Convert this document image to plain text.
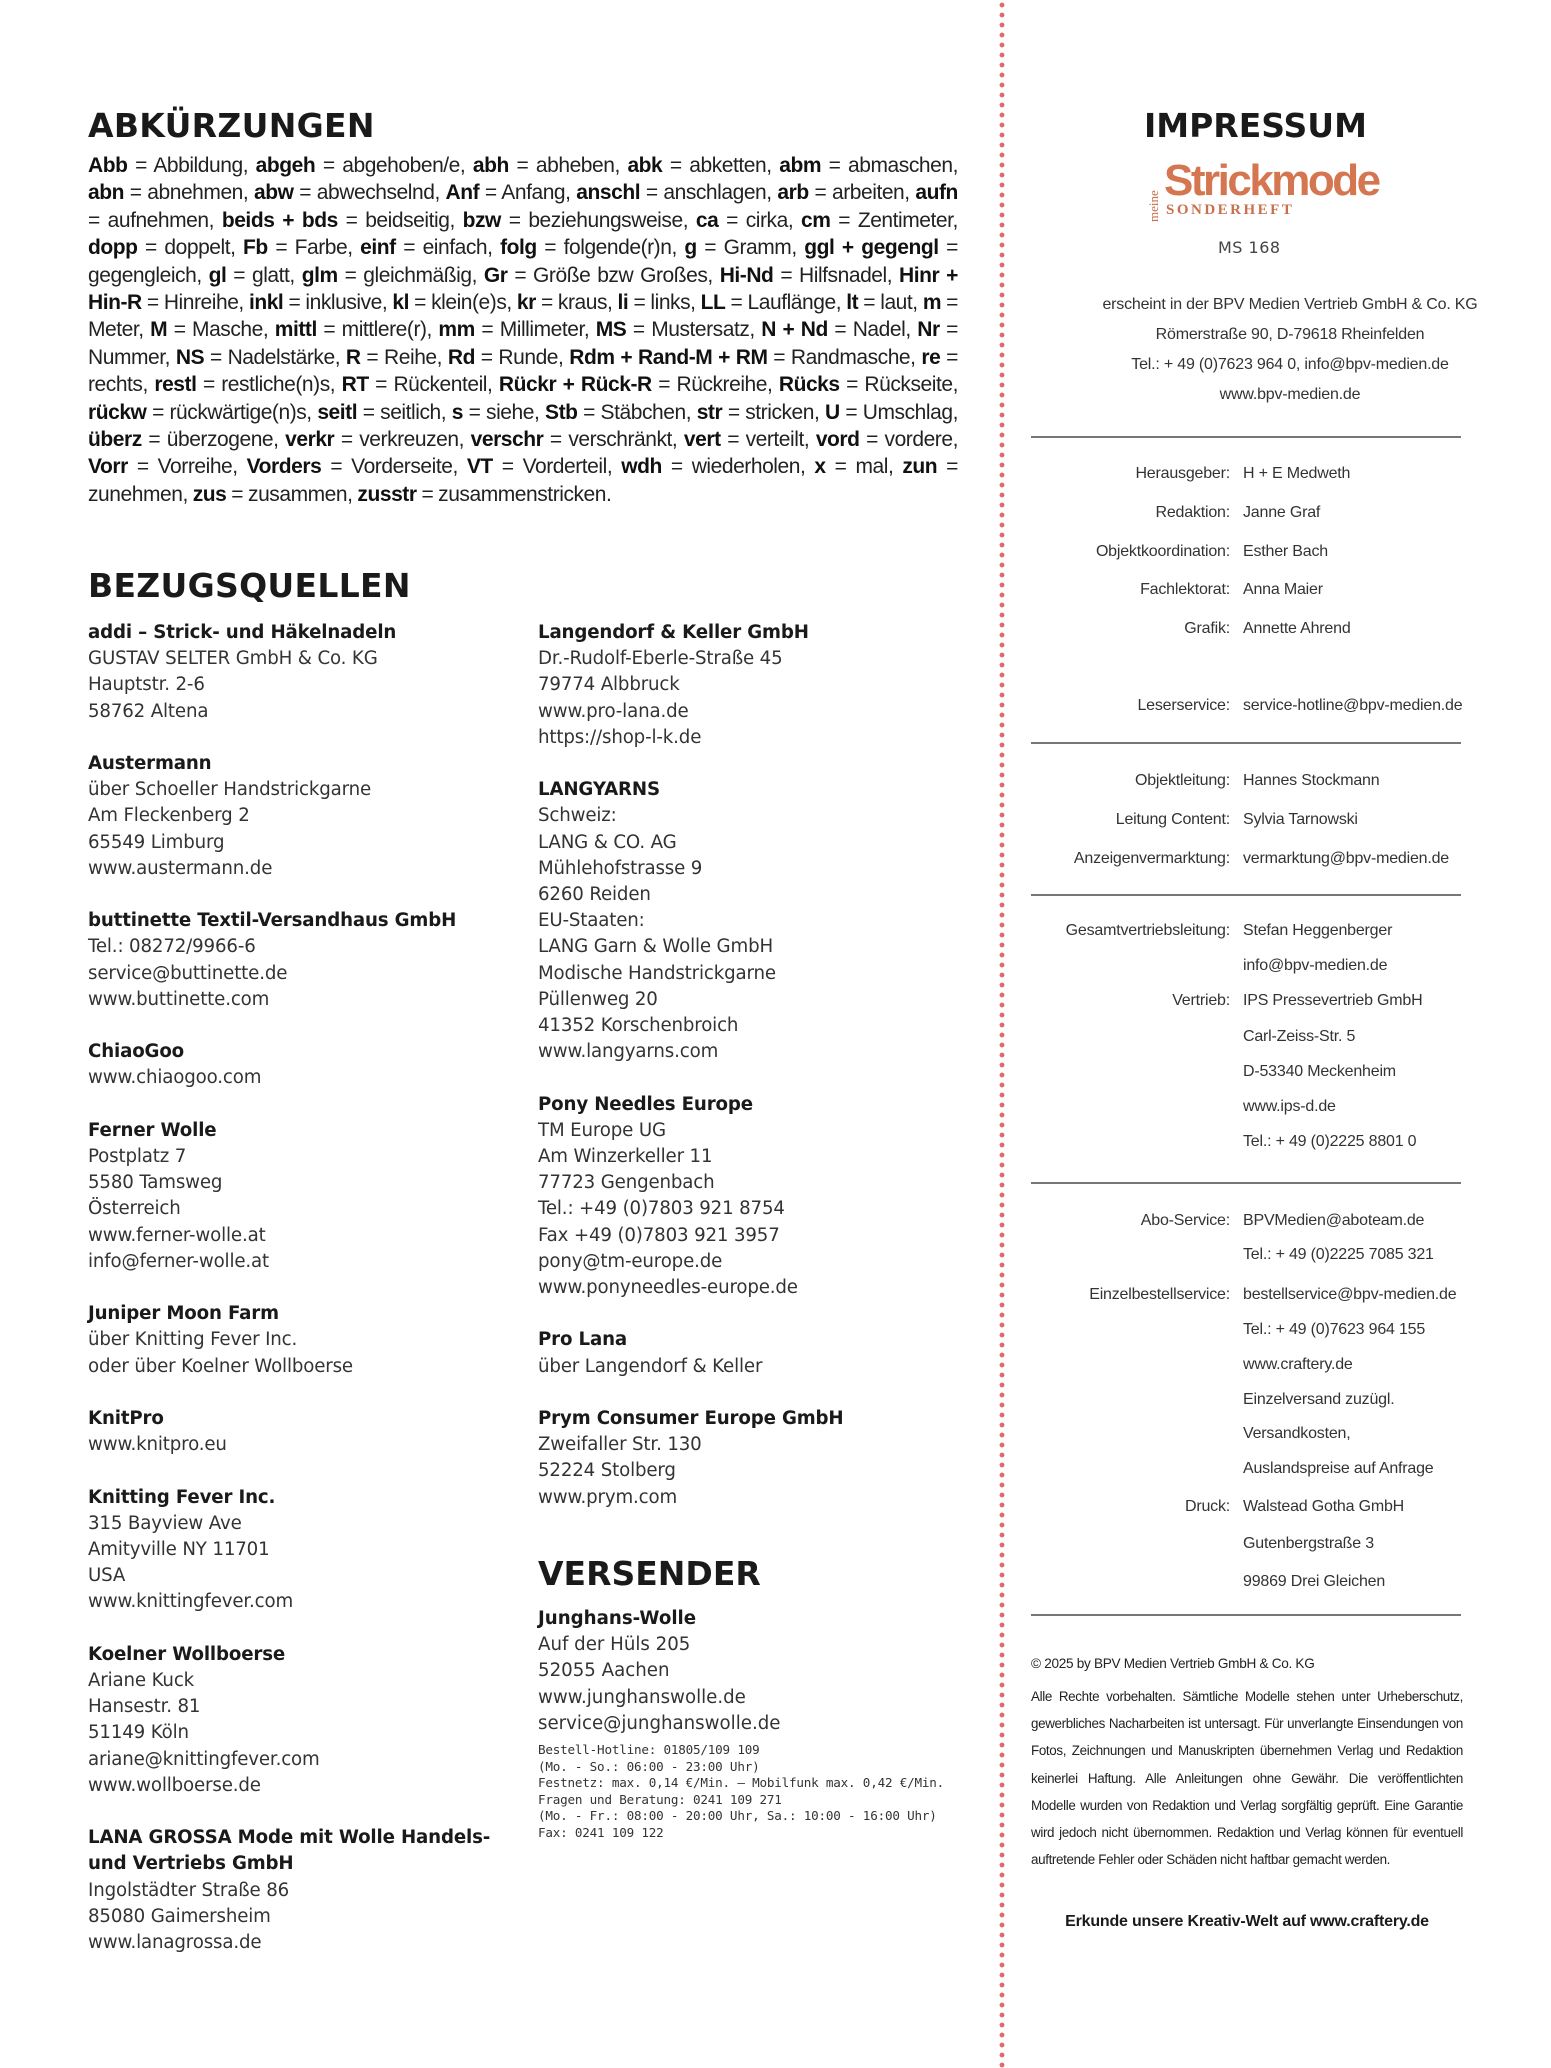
ABKÜRZUNGEN
Abb = Abbildung, abgeh = abgehoben/e, abh = abheben, abk = abketten, abm = abmaschen, abn = abnehmen, abw = abwechselnd, Anf = Anfang, anschl = anschlagen, arb = arbeiten, aufn = aufnehmen, beids + bds = beidseitig, bzw = beziehungsweise, ca = cirka, cm = Zentimeter, dopp = doppelt, Fb = Farbe, einf = einfach, folg = folgende(r)n, g = Gramm, ggl + gegengl = gegengleich, gl = glatt, glm = gleichmäßig, Gr = Größe bzw Großes, Hi-Nd = Hilfsnadel, Hinr + Hin-R = Hinreihe, inkl = inklusive, kl = klein(e)s, kr = kraus, li = links, LL = Lauflänge, lt = laut, m = Meter, M = Masche, mittl = mittlere(r), mm = Millimeter, MS = Mustersatz, N + Nd = Nadel, Nr = Nummer, NS = Nadelstärke, R = Reihe, Rd = Runde, Rdm + Rand-M + RM = Randmasche, re = rechts, restl = restliche(n)s, RT = Rückenteil, Rückr + Rück-R = Rückreihe, Rücks = Rückseite, rückw = rückwärtige(n)s, seitl = seitlich, s = siehe, Stb = Stäbchen, str = stricken, U = Umschlag, überz = überzogene, verkr = verkreuzen, verschr = verschränkt, vert = verteilt, vord = vordere, Vorr = Vorreihe, Vorders = Vorderseite, VT = Vorderteil, wdh = wiederholen, x = mal, zun = zunehmen, zus = zusammen, zusstr = zusammenstricken.
BEZUGSQUELLEN
addi – Strick- und Häkelnadeln
GUSTAV SELTER GmbH & Co. KG
Hauptstr. 2-6
58762 Altena
Austermann
über Schoeller Handstrickgarne
Am Fleckenberg 2
65549 Limburg
www.austermann.de
buttinette Textil-Versandhaus GmbH
Tel.: 08272/9966-6
service@buttinette.de
www.buttinette.com
ChiaoGoo
www.chiaogoo.com
Ferner Wolle
Postplatz 7
5580 Tamsweg
Österreich
www.ferner-wolle.at
info@ferner-wolle.at
Juniper Moon Farm
über Knitting Fever Inc.
oder über Koelner Wollboerse
KnitPro
www.knitpro.eu
Knitting Fever Inc.
315 Bayview Ave
Amityville NY 11701
USA
www.knittingfever.com
Koelner Wollboerse
Ariane Kuck
Hansestr. 81
51149 Köln
ariane@knittingfever.com
www.wollboerse.de
LANA GROSSA Mode mit Wolle Handels- und Vertriebs GmbH
Ingolstädter Straße 86
85080 Gaimersheim
www.lanagrossa.de
Langendorf & Keller GmbH
Dr.-Rudolf-Eberle-Straße 45
79774 Albbruck
www.pro-lana.de
https://shop-l-k.de
LANGYARNS
Schweiz:
LANG & CO. AG
Mühlehofstrasse 9
6260 Reiden
EU-Staaten:
LANG Garn & Wolle GmbH
Modische Handstrickgarne
Püllenweg 20
41352 Korschenbroich
www.langyarns.com
Pony Needles Europe
TM Europe UG
Am Winzerkeller 11
77723 Gengenbach
Tel.: +49 (0)7803 921 8754
Fax +49 (0)7803 921 3957
pony@tm-europe.de
www.ponyneedles-europe.de
Pro Lana
über Langendorf & Keller
Prym Consumer Europe GmbH
Zweifaller Str. 130
52224 Stolberg
www.prym.com
VERSENDER
Junghans-Wolle
Auf der Hüls 205
52055 Aachen
www.junghanswolle.de
service@junghanswolle.de
Bestell-Hotline: 01805/109 109
(Mo. - So.: 06:00 - 23:00 Uhr)
Festnetz: max. 0,14 €/Min. – Mobilfunk max. 0,42 €/Min.
Fragen und Beratung: 0241 109 271
(Mo. - Fr.: 08:00 - 20:00 Uhr, Sa.: 10:00 - 16:00 Uhr)
Fax: 0241 109 122
IMPRESSUM
meine
Strickmode
SONDERHEFT
MS 168
erscheint in der BPV Medien Vertrieb GmbH & Co. KG
Römerstraße 90, D-79618 Rheinfelden
Tel.: + 49 (0)7623 964 0, info@bpv-medien.de
www.bpv-medien.de
Herausgeber: H + E Medweth
Redaktion: Janne Graf
Objektkoordination: Esther Bach
Fachlektorat: Anna Maier
Grafik: Annette Ahrend
Leserservice: service-hotline@bpv-medien.de
Objektleitung: Hannes Stockmann
Leitung Content: Sylvia Tarnowski
Anzeigenvermarktung: vermarktung@bpv-medien.de
Gesamtvertriebsleitung: Stefan Heggenberger
info@bpv-medien.de
Vertrieb: IPS Pressevertrieb GmbH
Carl-Zeiss-Str. 5
D-53340 Meckenheim
www.ips-d.de
Tel.: + 49 (0)2225 8801 0
Abo-Service: BPVMedien@aboteam.de
Tel.: + 49 (0)2225 7085 321
Einzelbestellservice: bestellservice@bpv-medien.de
Tel.: + 49 (0)7623 964 155
www.craftery.de
Einzelversand zuzügl.
Versandkosten,
Auslandspreise auf Anfrage
Druck: Walstead Gotha GmbH
Gutenbergstraße 3
99869 Drei Gleichen
© 2025 by BPV Medien Vertrieb GmbH & Co. KG
Alle Rechte vorbehalten. Sämtliche Modelle stehen unter Urheberschutz, gewerbliches Nacharbeiten ist untersagt. Für unverlangte Einsendungen von Fotos, Zeichnungen und Manuskripten übernehmen Verlag und Redaktion keinerlei Haftung. Alle Anleitungen ohne Gewähr. Die veröffentlichten Modelle wurden von Redaktion und Verlag sorgfältig geprüft. Eine Garantie wird jedoch nicht übernommen. Redaktion und Verlag können für eventuell auftretende Fehler oder Schäden nicht haftbar gemacht werden.
Erkunde unsere Kreativ-Welt auf www.craftery.de
